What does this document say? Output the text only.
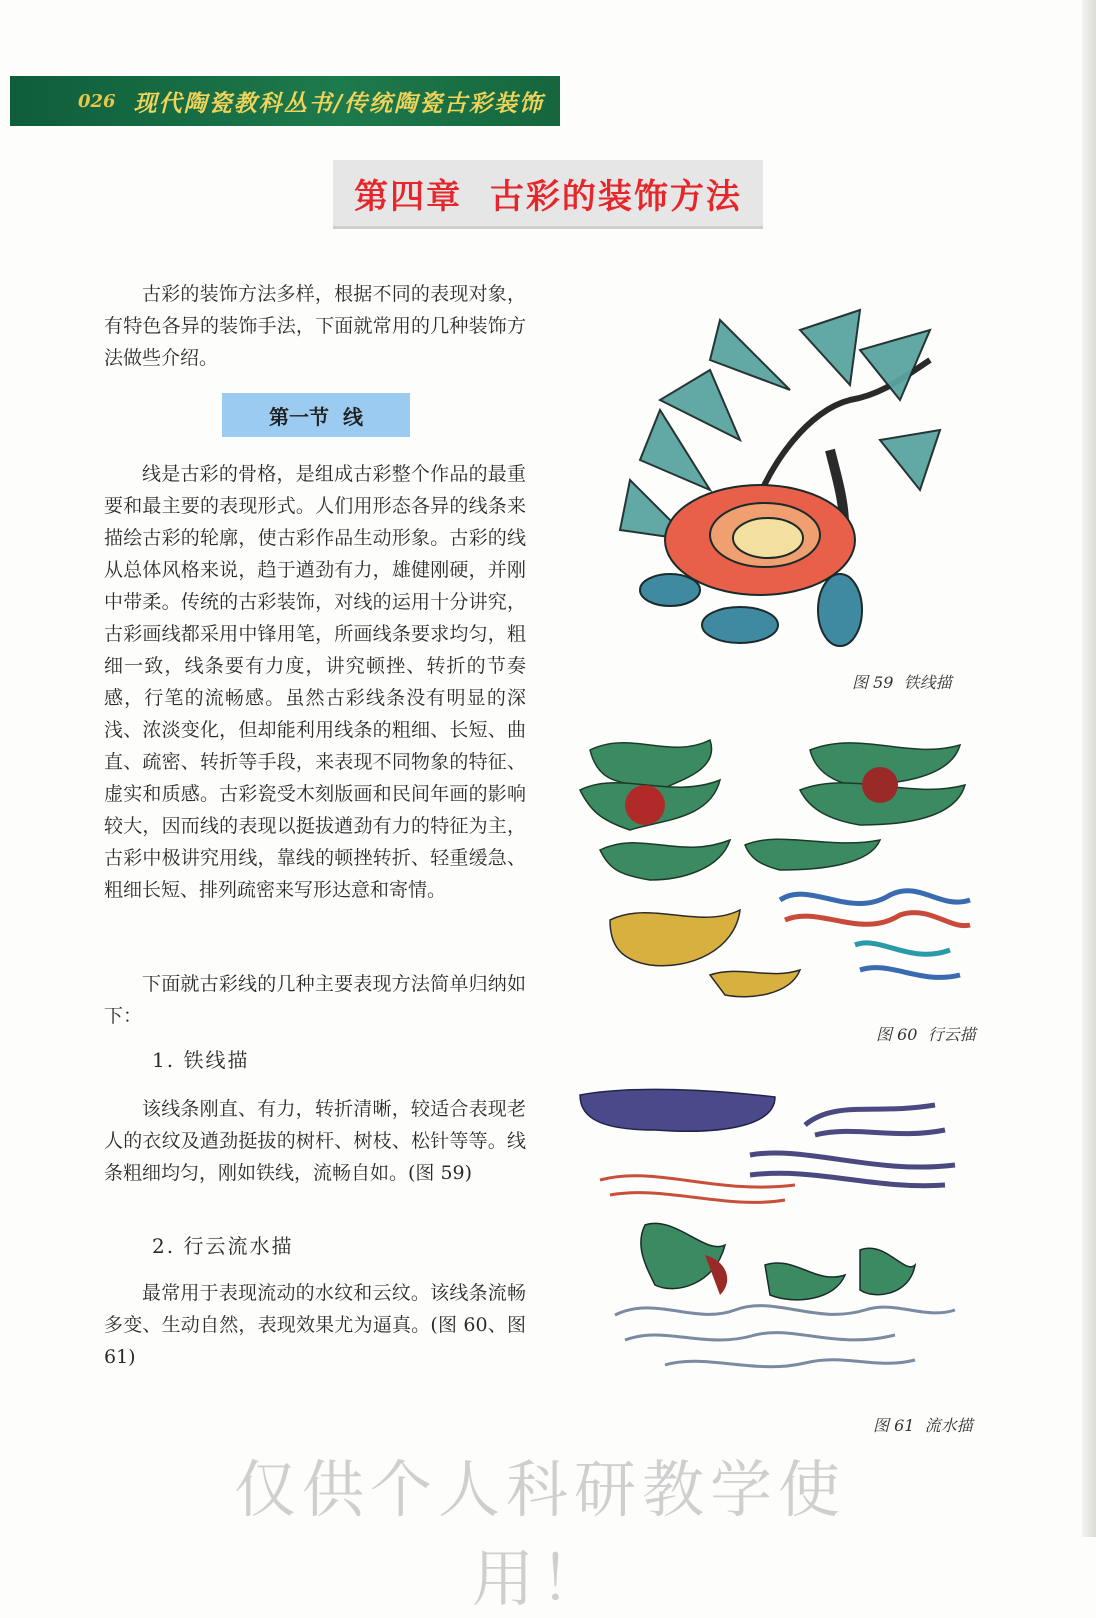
026 现代陶瓷教科丛书/传统陶瓷古彩装饰
第四章  古彩的装饰方法

古彩的装饰方法多样，根据不同的表现对象，有特色各异的装饰手法，下面就常用的几种装饰方法做些介绍。

第一节  线

线是古彩的骨格，是组成古彩整个作品的最重要和最主要的表现形式。人们用形态各异的线条来描绘古彩的轮廓，使古彩作品生动形象。古彩的线从总体风格来说，趋于遒劲有力，雄健刚硬，并刚中带柔。传统的古彩装饰，对线的运用十分讲究，古彩画线都采用中锋用笔，所画线条要求均匀，粗细一致，线条要有力度，讲究顿挫、转折的节奏感，行笔的流畅感。虽然古彩线条没有明显的深浅、浓淡变化，但却能利用线条的粗细、长短、曲直、疏密、转折等手段，来表现不同物象的特征、虚实和质感。古彩瓷受木刻版画和民间年画的影响较大，因而线的表现以挺拔遒劲有力的特征为主，古彩中极讲究用线，靠线的顿挫转折、轻重缓急、粗细长短、排列疏密来写形达意和寄情。

下面就古彩线的几种主要表现方法简单归纳如下：

1. 铁线描

该线条刚直、有力，转折清晰，较适合表现老人的衣纹及遒劲挺拔的树杆、树枝、松针等等。线条粗细均匀，刚如铁线，流畅自如。(图 59)

2. 行云流水描

最常用于表现流动的水纹和云纹。该线条流畅多变、生动自然，表现效果尤为逼真。(图 60、图 61)

图 59  铁线描
图 60  行云描
图 61  流水描
仅供个人科研教学使用！
